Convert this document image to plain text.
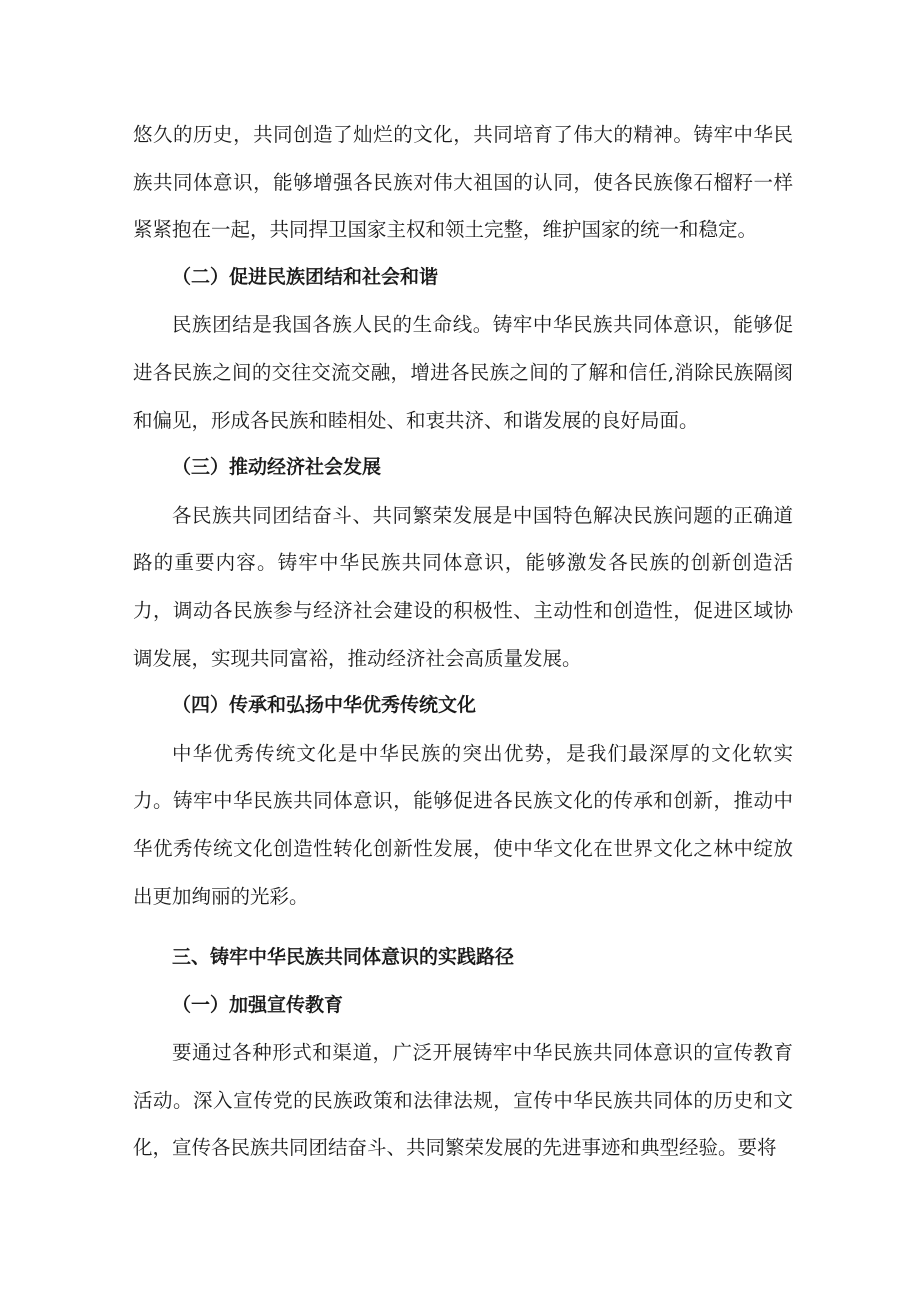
悠久的历史，共同创造了灿烂的文化，共同培育了伟大的精神。铸牢中华民族共同体意识，能够增强各民族对伟大祖国的认同，使各民族像石榴籽一样紧紧抱在一起，共同捍卫国家主权和领土完整，维护国家的统一和稳定。

（二）促进民族团结和社会和谐

民族团结是我国各族人民的生命线。铸牢中华民族共同体意识，能够促进各民族之间的交往交流交融，增进各民族之间的了解和信任,消除民族隔阂和偏见，形成各民族和睦相处、和衷共济、和谐发展的良好局面。

（三）推动经济社会发展

各民族共同团结奋斗、共同繁荣发展是中国特色解决民族问题的正确道路的重要内容。铸牢中华民族共同体意识，能够激发各民族的创新创造活力，调动各民族参与经济社会建设的积极性、主动性和创造性，促进区域协调发展，实现共同富裕，推动经济社会高质量发展。

（四）传承和弘扬中华优秀传统文化

中华优秀传统文化是中华民族的突出优势，是我们最深厚的文化软实力。铸牢中华民族共同体意识，能够促进各民族文化的传承和创新，推动中华优秀传统文化创造性转化创新性发展，使中华文化在世界文化之林中绽放出更加绚丽的光彩。

三、铸牢中华民族共同体意识的实践路径

（一）加强宣传教育

要通过各种形式和渠道，广泛开展铸牢中华民族共同体意识的宣传教育活动。深入宣传党的民族政策和法律法规，宣传中华民族共同体的历史和文化，宣传各民族共同团结奋斗、共同繁荣发展的先进事迹和典型经验。要将
